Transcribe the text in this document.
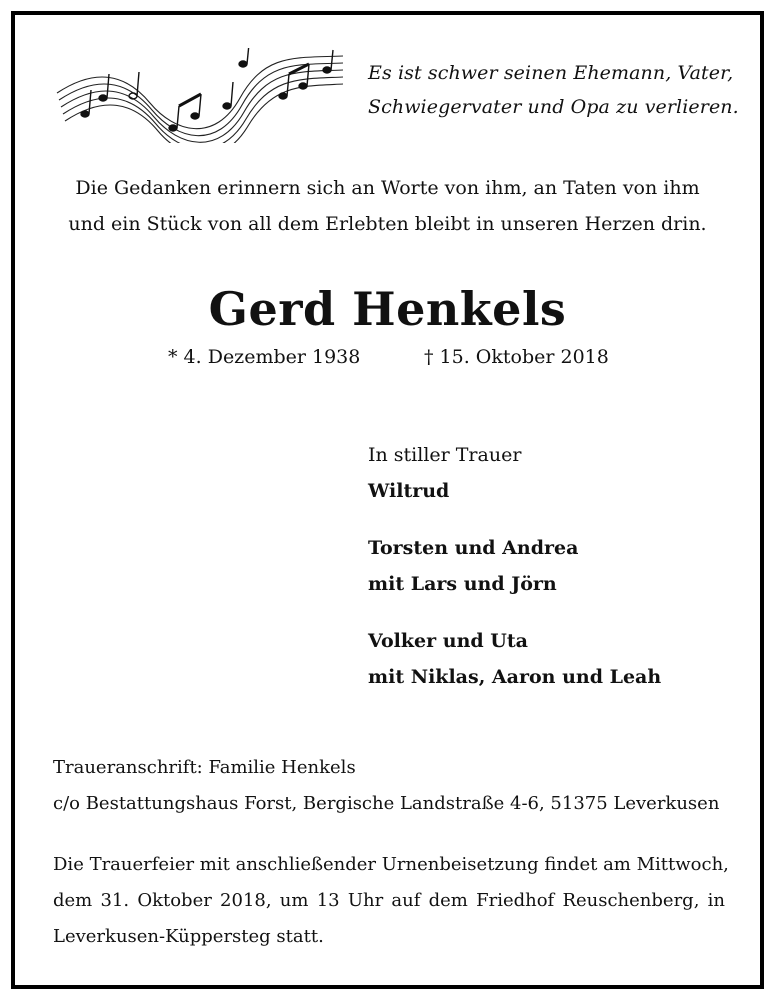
Es ist schwer seinen Ehemann, Vater,
Schwiegervater und Opa zu verlieren.
Die Gedanken erinnern sich an Worte von ihm, an Taten von ihm
und ein Stück von all dem Erlebten bleibt in unseren Herzen drin.
Gerd Henkels
* 4. Dezember 1938	† 15. Oktober 2018
In stiller Trauer
Wiltrud
Torsten und Andrea
mit Lars und Jörn
Volker und Uta
mit Niklas, Aaron und Leah
Traueranschrift: Familie Henkels
c/o Bestattungshaus Forst, Bergische Landstraße 4-6, 51375 Leverkusen
Die Trauerfeier mit anschließender Urnenbeisetzung findet am Mittwoch,
dem 31. Oktober 2018, um 13 Uhr auf dem Friedhof Reuschenberg, in
Leverkusen-Küppersteg statt.
